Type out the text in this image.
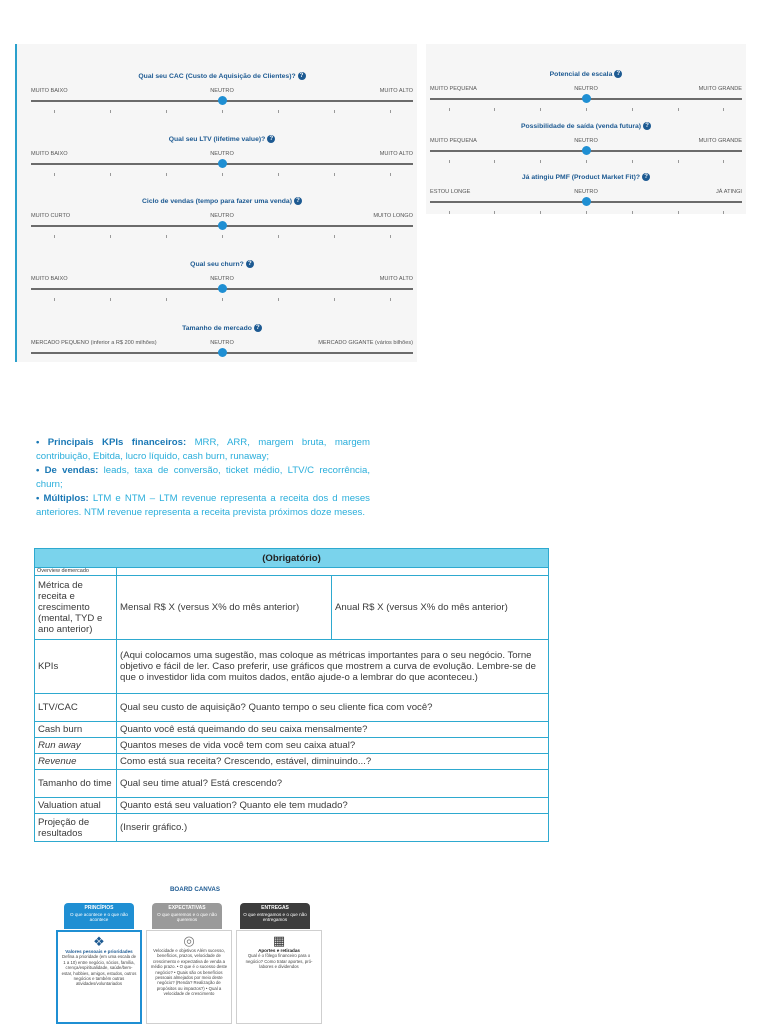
Qual seu CAC (Custo de Aquisição de Clientes)? ?
MUITO BAIXO	NEUTRO	MUITO ALTO
Qual seu LTV (lifetime value)? ?
MUITO BAIXO	NEUTRO	MUITO ALTO
Ciclo de vendas (tempo para fazer uma venda) ?
MUITO CURTO	NEUTRO	MUITO LONGO
Qual seu churn? ?
MUITO BAIXO	NEUTRO	MUITO ALTO
Tamanho de mercado ?
MERCADO PEQUENO (inferior a R$ 200 milhões)	NEUTRO	MERCADO GIGANTE (vários bilhões)
Potencial de escala ?
MUITO PEQUENA	NEUTRO	MUITO GRANDE
Possibilidade de saída (venda futura) ?
MUITO PEQUENA	NEUTRO	MUITO GRANDE
Já atingiu PMF (Product Market Fit)? ?
ESTOU LONGE	NEUTRO	JÁ ATINGI

• Principais KPIs financeiros: MRR, ARR, margem bruta, margem contribuição, Ebitda, lucro líquido, cash burn, runaway;

• De vendas: leads, taxa de conversão, ticket médio, LTV/C recorrência, churn;

• Múltiplos: LTM e NTM – LTM revenue representa a receita dos d meses anteriores. NTM revenue representa a receita prevista próximos doze meses.

(Obrigatório)		
Overview demercado		
Métrica de receita e crescimento (mental, TYD e ano anterior)	Mensal R$ X (versus X% do mês anterior)	Anual R$ X (versus X% do mês anterior)
KPIs	(Aqui colocamos uma sugestão, mas coloque as métricas importantes para o seu negócio. Torne objetivo e fácil de ler. Caso preferir, use gráficos que mostrem a curva de evolução. Lembre-se de que o investidor lida com muitos dados, então ajude-o a lembrar do que aconteceu.)	
LTV/CAC	Qual seu custo de aquisição? Quanto tempo o seu cliente fica com você?	
Cash burn	Quanto você está queimando do seu caixa mensalmente?	
Run away	Quantos meses de vida você tem com seu caixa atual?	
Revenue	Como está sua receita? Crescendo, estável, diminuindo...?	
Tamanho do time	Qual seu time atual? Está crescendo?	
Valuation atual	Quanto está seu valuation? Quanto ele tem mudado?	
Projeção de resultados	(Inserir gráfico.)	
BOARD CANVAS
PRINCÍPIOS
O que acontece e o que não acontece
EXPECTATIVAS
O que queremos e o que não queremos
ENTREGAS
O que entregamos e o que não entregamos
❖
Valores pessoais e prioridades
Defina a prioridade (em uma escala de 1 a 10) entre negócio, sócios, família, crença/espiritualidade, saúde/bem-estar, hobbies, amigos, estudos, outros negócios e também outras atividades/voluntariados
◎
Velocidade e objetivos Além sucesso, benefícios, prazos, velocidade de crescimento e expectativa de venda a médio prazo. • O que é o sucesso deste negócio? • Quais são os benefícios pessoais almejados por meio deste negócio? (Renda? Realização de propósitos ou impactos?) • Qual a velocidade de crescimento
▦
Aportes e retiradas
Qual é o fôlego financeiro para o negócio? Como tratar aportes, pró-labores e dividendos
